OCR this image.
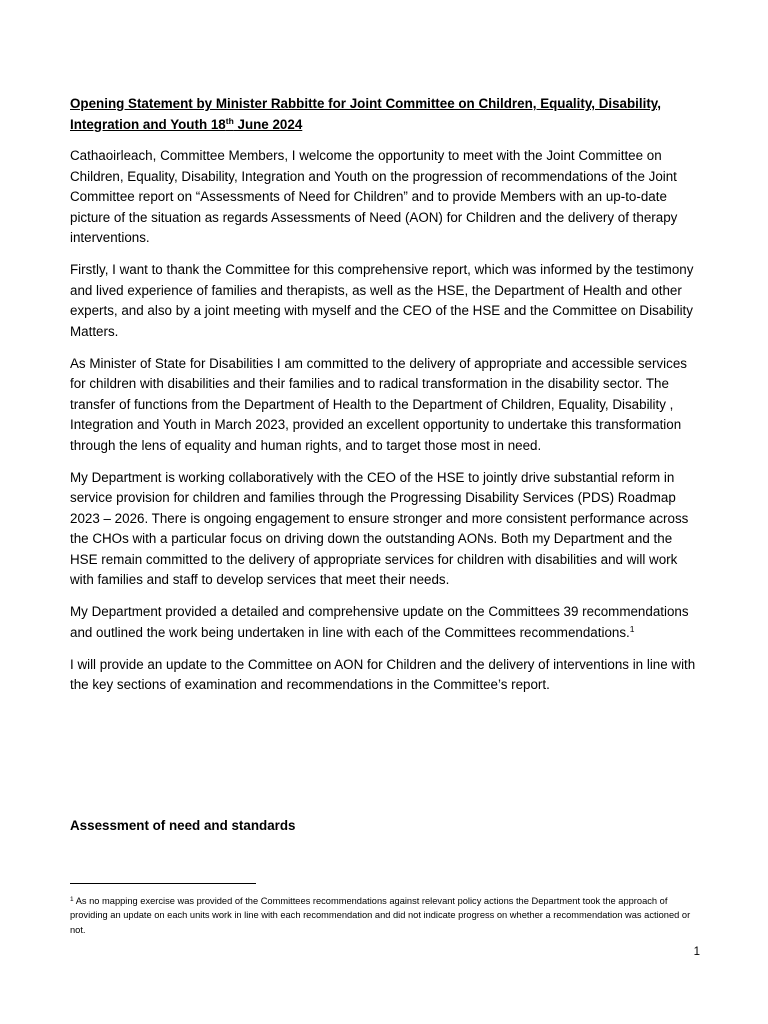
Opening Statement by Minister Rabbitte for Joint Committee on Children, Equality, Disability, Integration and Youth 18th June 2024

Cathaoirleach, Committee Members, I welcome the opportunity to meet with the Joint Committee on Children, Equality, Disability, Integration and Youth on the progression of recommendations of the Joint Committee report on “Assessments of Need for Children” and to provide Members with an up-to-date picture of the situation as regards Assessments of Need (AON) for Children and the delivery of therapy interventions.

Firstly, I want to thank the Committee for this comprehensive report, which was informed by the testimony and lived experience of families and therapists, as well as the HSE, the Department of Health and other experts, and also by a joint meeting with myself and the CEO of the HSE and the Committee on Disability Matters.

As Minister of State for Disabilities I am committed to the delivery of appropriate and accessible services for children with disabilities and their families and to radical transformation in the disability sector. The transfer of functions from the Department of Health to the Department of Children, Equality, Disability , Integration and Youth in March 2023, provided an excellent opportunity to undertake this transformation through the lens of equality and human rights, and to target those most in need.

My Department is working collaboratively with the CEO of the HSE to jointly drive substantial reform in service provision for children and families through the Progressing Disability Services (PDS) Roadmap 2023 – 2026. There is ongoing engagement to ensure stronger and more consistent performance across the CHOs with a particular focus on driving down the outstanding AONs. Both my Department and the HSE remain committed to the delivery of appropriate services for children with disabilities and will work with families and staff to develop services that meet their needs.

My Department provided a detailed and comprehensive update on the Committees 39 recommendations and outlined the work being undertaken in line with each of the Committees recommendations.$^1$

I will provide an update to the Committee on AON for Children and the delivery of interventions in line with the key sections of examination and recommendations in the Committee’s report.

Assessment of need and standards

$^1$ As no mapping exercise was provided of the Committees recommendations against relevant policy actions the Department took the approach of providing an update on each units work in line with each recommendation and did not indicate progress on whether a recommendation was actioned or not.

1
